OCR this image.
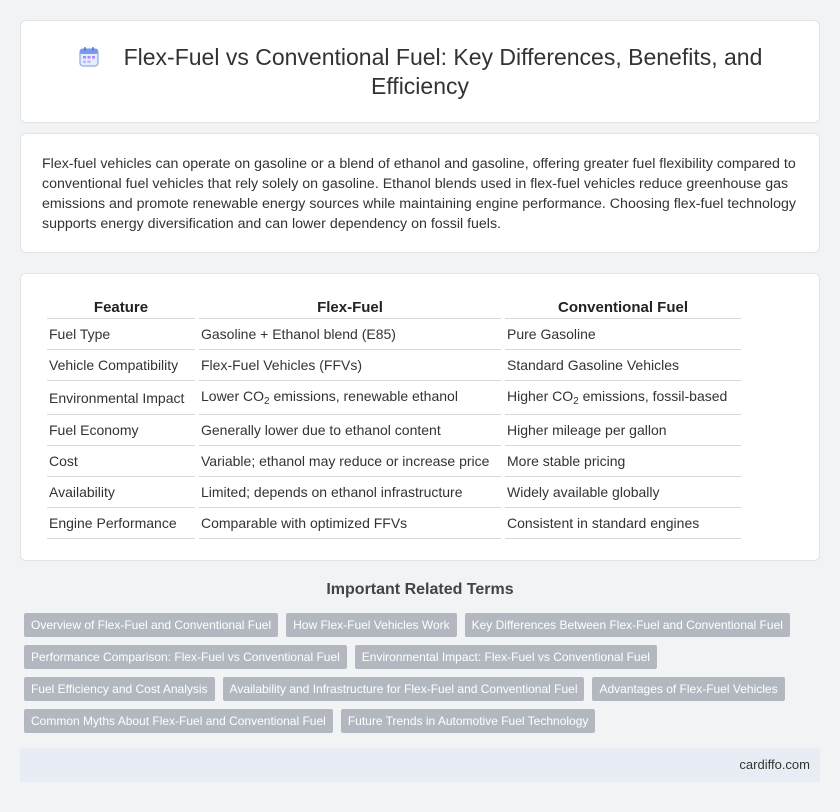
Flex-Fuel vs Conventional Fuel: Key Differences, Benefits, and Efficiency

Flex-fuel vehicles can operate on gasoline or a blend of ethanol and gasoline, offering greater fuel flexibility compared to conventional fuel vehicles that rely solely on gasoline. Ethanol blends used in flex-fuel vehicles reduce greenhouse gas emissions and promote renewable energy sources while maintaining engine performance. Choosing flex-fuel technology supports energy diversification and can lower dependency on fossil fuels.

Feature	Flex-Fuel	Conventional Fuel
Fuel Type	Gasoline + Ethanol blend (E85)	Pure Gasoline
Vehicle Compatibility	Flex-Fuel Vehicles (FFVs)	Standard Gasoline Vehicles
Environmental Impact	Lower $CO_2$ emissions, renewable ethanol	Higher $CO_2$ emissions, fossil-based
Fuel Economy	Generally lower due to ethanol content	Higher mileage per gallon
Cost	Variable; ethanol may reduce or increase price	More stable pricing
Availability	Limited; depends on ethanol infrastructure	Widely available globally
Engine Performance	Comparable with optimized FFVs	Consistent in standard engines
Important Related Terms
Overview of Flex-Fuel and Conventional Fuel	How Flex-Fuel Vehicles Work	Key Differences Between Flex-Fuel and Conventional Fuel
Performance Comparison: Flex-Fuel vs Conventional Fuel	Environmental Impact: Flex-Fuel vs Conventional Fuel
Fuel Efficiency and Cost Analysis	Availability and Infrastructure for Flex-Fuel and Conventional Fuel	Advantages of Flex-Fuel Vehicles
Common Myths About Flex-Fuel and Conventional Fuel	Future Trends in Automotive Fuel Technology
cardiffo.com
